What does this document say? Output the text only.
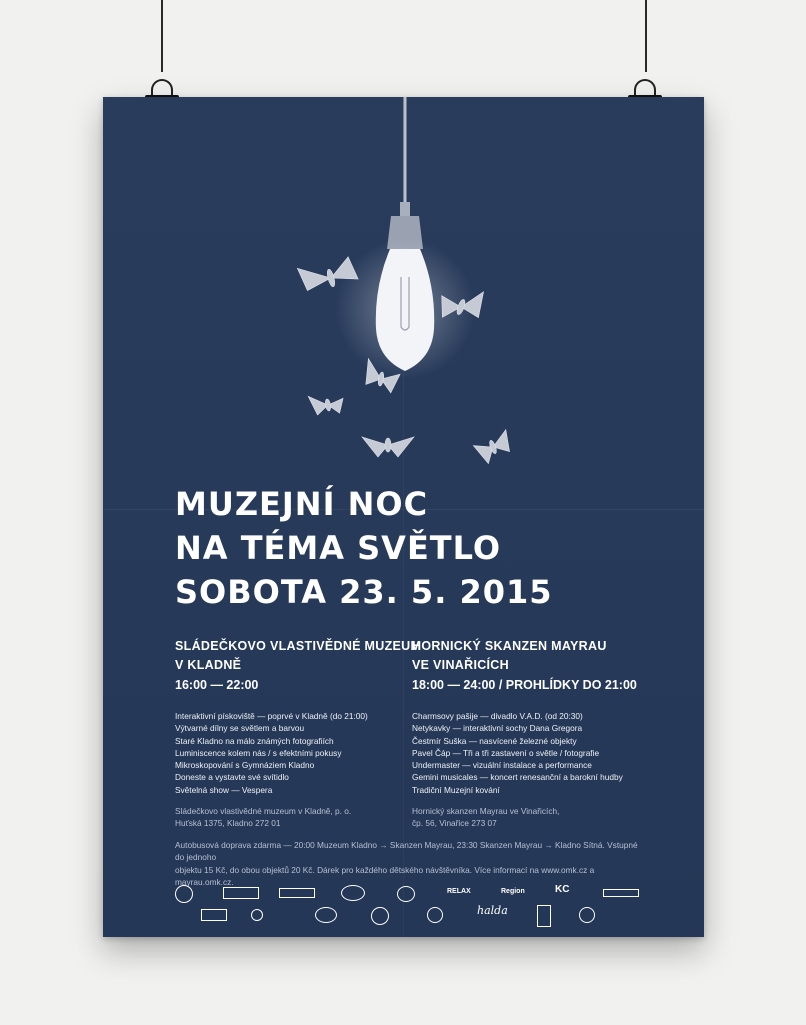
MUZEJNÍ NOC
NA TÉMA SVĚTLO
SOBOTA 23. 5. 2015
SLÁDEČKOVO VLASTIVĚDNÉ MUZEUM
V KLADNĚ
16:00 — 22:00
Interaktivní pískoviště — poprvé v Kladně (do 21:00)
Výtvarné dílny se světlem a barvou
Staré Kladno na málo známých fotografiích
Luminiscence kolem nás / s efektními pokusy
Mikroskopování s Gymnáziem Kladno
Doneste a vystavte své svítidlo
Světelná show — Vespera
Sládečkovo vlastivědné muzeum v Kladně, p. o.
Huťská 1375, Kladno 272 01
HORNICKÝ SKANZEN MAYRAU
VE VINAŘICÍCH
18:00 — 24:00 / PROHLÍDKY DO 21:00
Charmsovy pašije — divadlo V.A.D. (od 20:30)
Netykavky — interaktivní sochy Dana Gregora
Čestmír Suška — nasvícené železné objekty
Pavel Čáp — Tři a tři zastavení o světle / fotografie
Undermaster — vizuální instalace a performance
Gemini musicales — koncert renesanční a barokní hudby
Tradiční Muzejní kování
Hornický skanzen Mayrau ve Vinařicích,
čp. 56, Vinařice 273 07
Autobusová doprava zdarma — 20:00 Muzeum Kladno → Skanzen Mayrau, 23:30 Skanzen Mayrau → Kladno Sítná. Vstupné do jednoho
objektu 15 Kč, do obou objektů 20 Kč. Dárek pro každého dětského návštěvníka. Více informací na www.omk.cz a mayrau.omk.cz.
RELAX	Region	KC
halda
